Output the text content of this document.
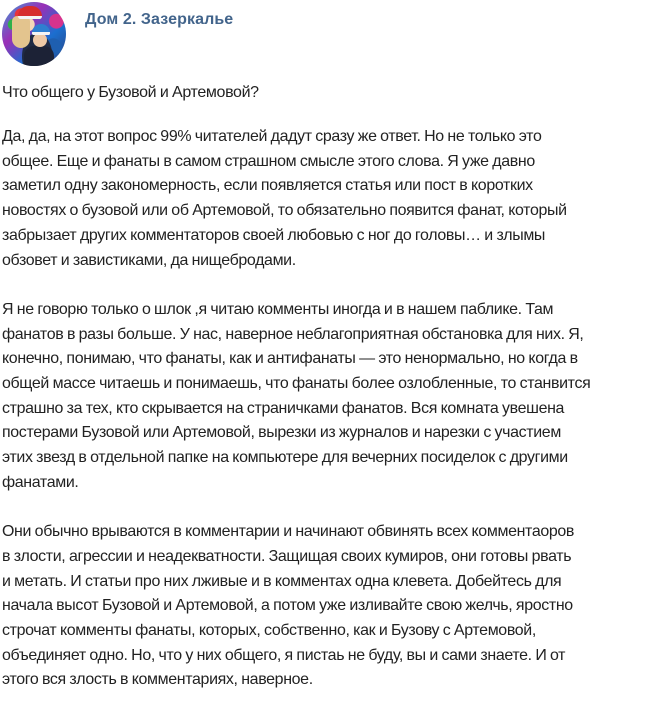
Дом 2. Зазеркалье
Что общего у Бузовой и Артемовой?
Да, да, на этот вопрос 99% читателей дадут сразу же ответ. Но не только это
общее. Еще и фанаты в самом страшном смысле этого слова. Я уже давно
заметил одну закономерность, если появляется статья или пост в коротких
новостях о бузовой или об Артемовой, то обязательно появится фанат, который
забрызает других комментаторов своей любовью с ног до головы… и злымы
обзовет и завистиками, да нищебродами.
Я не говорю только о шлок ,я читаю комменты иногда и в нашем паблике. Там
фанатов в разы больше. У нас, наверное неблагоприятная обстановка для них. Я,
конечно, понимаю, что фанаты, как и антифанаты — это ненормально, но когда в
общей массе читаешь и понимаешь, что фанаты более озлобленные, то станвится
страшно за тех, кто скрывается на страничками фанатов. Вся комната увешена
постерами Бузовой или Артемовой, вырезки из журналов и нарезки с участием
этих звезд в отдельной папке на компьютере для вечерних посиделок с другими
фанатами.
Они обычно врываются в комментарии и начинают обвинять всех комментаоров
в злости, агрессии и неадекватности. Защищая своих кумиров, они готовы рвать
и метать. И статьи про них лживые и в комментах одна клевета. Добейтесь для
начала высот Бузовой и Артемовой, а потом уже изливайте свою желчь, яростно
строчат комменты фанаты, которых, собственно, как и Бузову с Артемовой,
объединяет одно. Но, что у них общего, я пистаь не буду, вы и сами знаете. И от
этого вся злость в комментариях, наверное.
